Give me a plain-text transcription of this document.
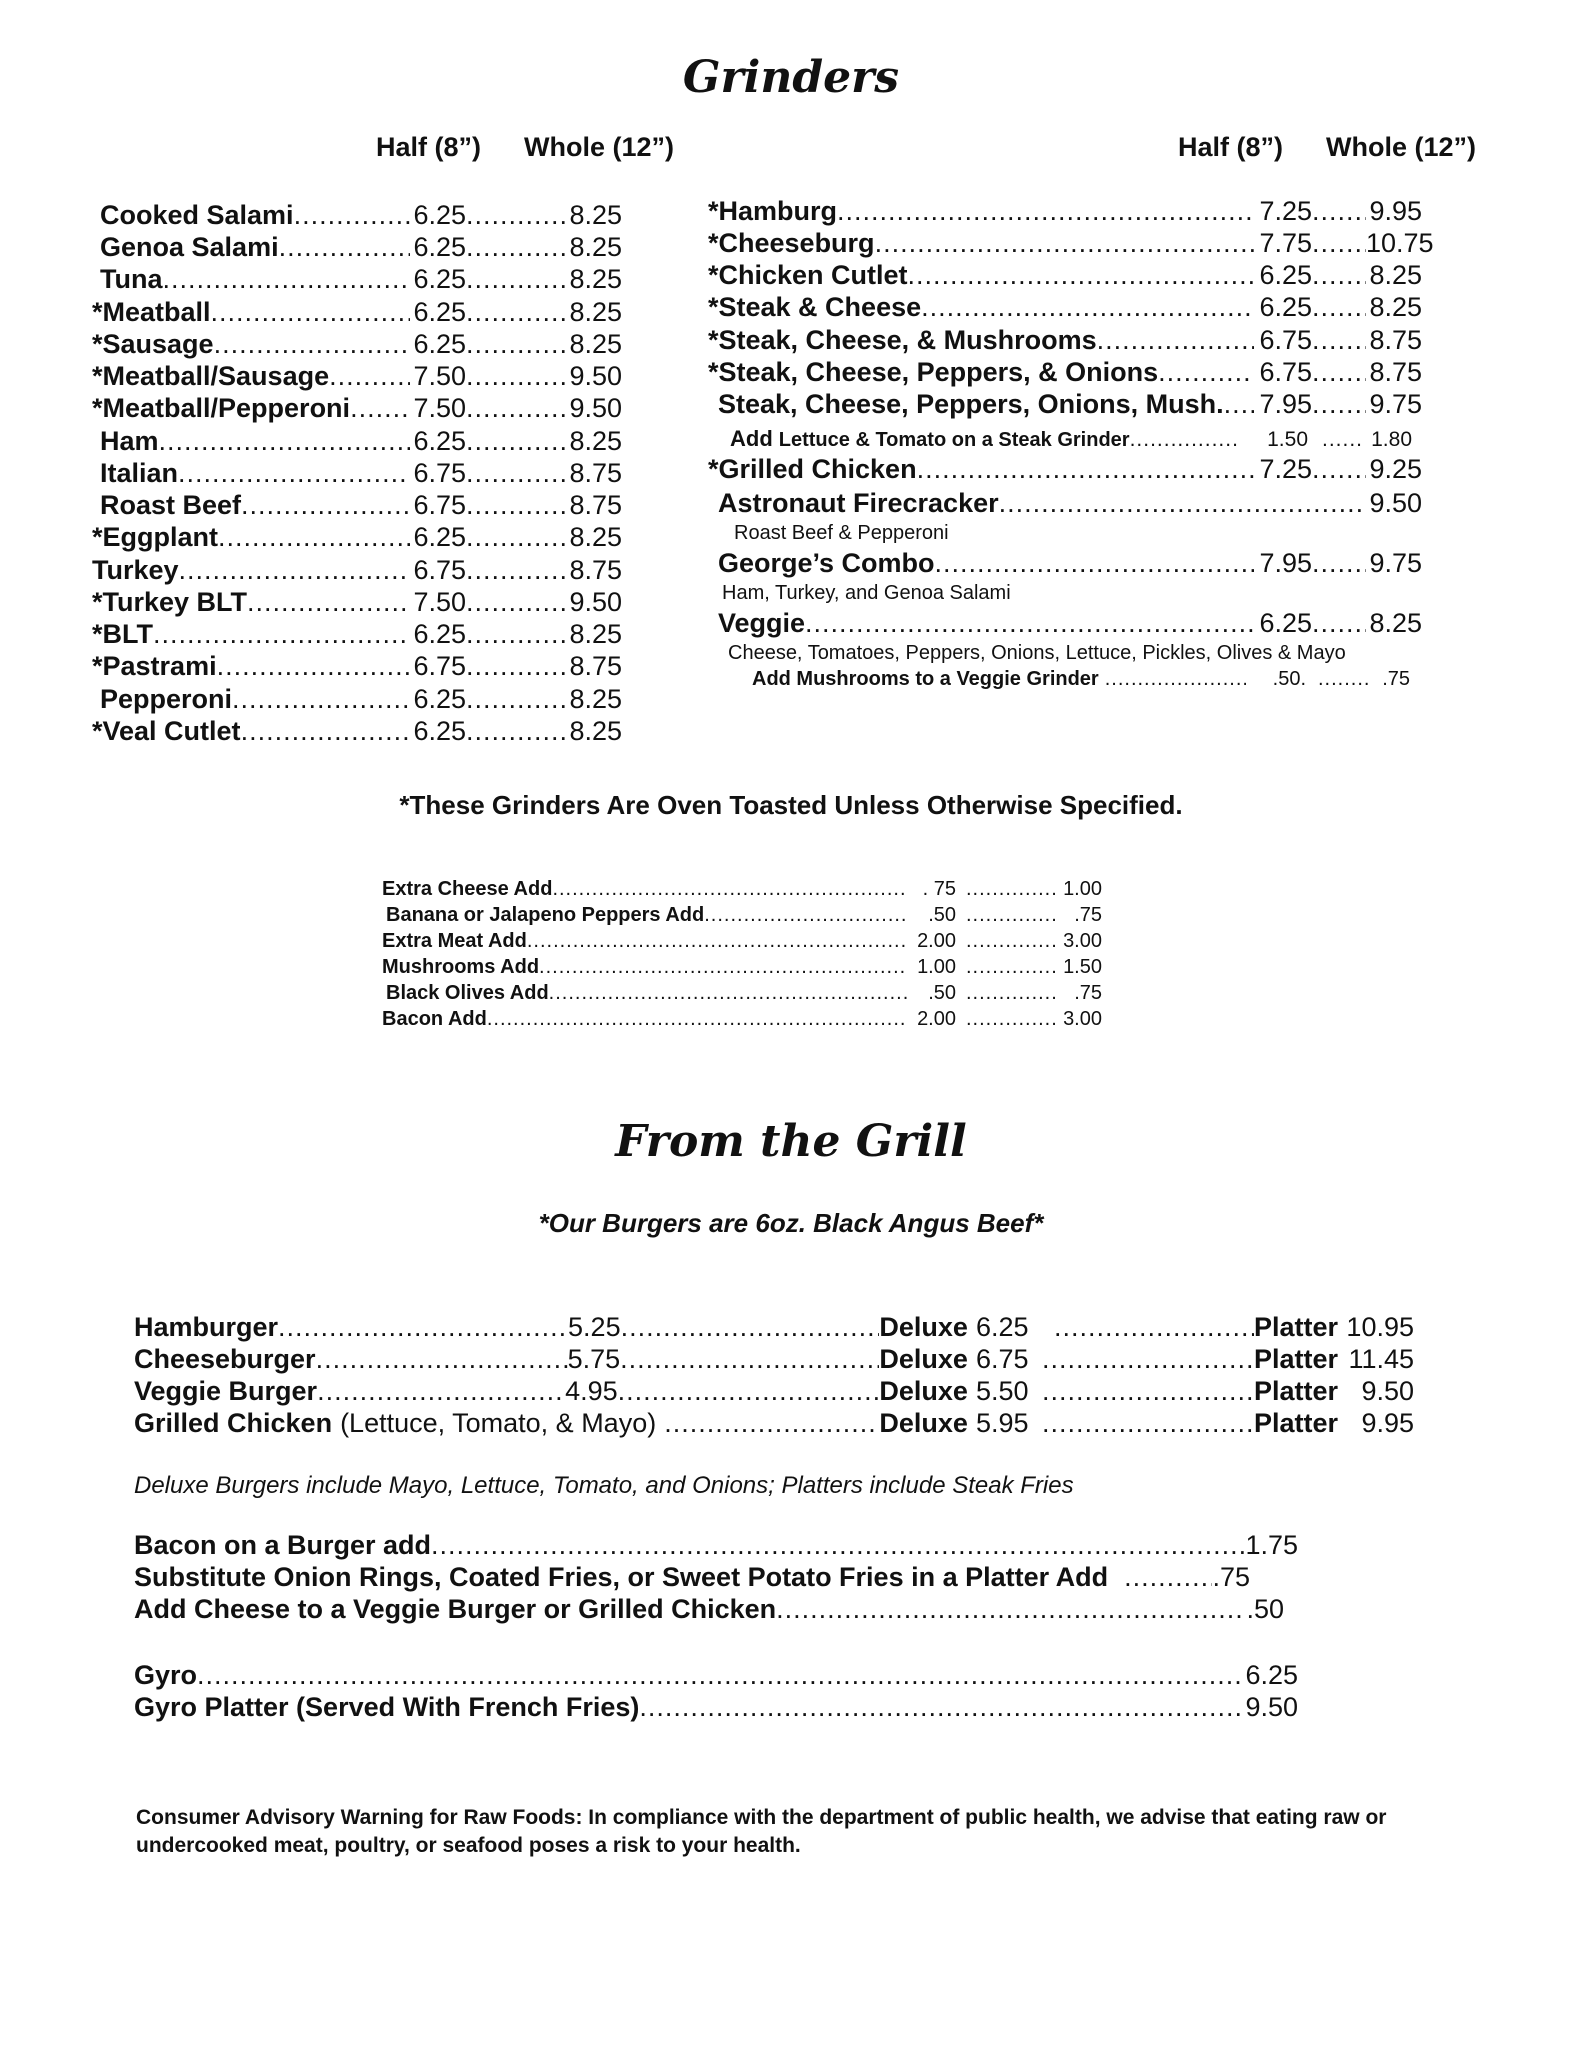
Grinders
Half (8”) Whole (12”)	Half (8”) Whole (12”)
Cooked Salami .....	6.25 .....	8.25
Genoa Salami .....	6.25 .....	8.25
Tuna .....	6.25 .....	8.25
*Meatball .....	6.25 .....	8.25
*Sausage .....	6.25 .....	8.25
*Meatball/Sausage .....	7.50 .....	9.50
*Meatball/Pepperoni ..... 7.50 .....	9.50
Ham .....	6.25 .....	8.25
Italian .....	6.75 .....	8.75
Roast Beef .....	6.75 .....	8.75
*Eggplant .....	6.25 .....	8.25
Turkey .....	6.75 .....	8.75
*Turkey BLT .....	7.50 .....	9.50
*BLT .....	6.25 .....	8.25
*Pastrami .....	6.75 .....	8.75
Pepperoni .....	6.25 .....	8.25
*Veal Cutlet .....	6.25 .....	8.25
*Hamburg .....	7.25 ..... 9.95
*Cheeseburg .....	7.75 ..... 10.75
*Chicken Cutlet .....	6.25 ..... 8.25
*Steak & Cheese .....	6.25 ..... 8.25
*Steak, Cheese, & Mushrooms .....	6.75 ..... 8.75
*Steak, Cheese, Peppers, & Onions .....	6.75 ..... 8.75
Steak, Cheese, Peppers, Onions, Mush. ..... 7.95 ..... 9.75
Add Lettuce & Tomato on a Steak Grinder .....	1.50 .....	1.80
*Grilled Chicken .....	7.25 ..... 9.25
Astronaut Firecracker .....	9.50
Roast Beef & Pepperoni
George’s Combo .....	7.95 ..... 9.75
Ham, Turkey, and Genoa Salami
Veggie .....	6.25 ..... 8.25
Cheese, Tomatoes, Peppers, Onions, Lettuce, Pickles, Olives & Mayo
Add Mushrooms to a Veggie Grinder .....	.50. .....	.75
*These Grinders Are Oven Toasted Unless Otherwise Specified.
Extra Cheese Add .....	. 75 .....	1.00
Banana or Jalapeno Peppers Add .....	.50 .....	.75
Extra Meat Add .....	2.00 .....	3.00
Mushrooms Add .....	1.00 .....	1.50
Black Olives Add .....	.50 .....	.75
Bacon Add .....	2.00 .....	3.00
From the Grill
*Our Burgers are 6oz. Black Angus Beef*
Hamburger .....	5.25 .....	Deluxe 6.25 .....	Platter 10.95
Cheeseburger .....	5.75 .....	Deluxe 6.75 .....	Platter 11.45
Veggie Burger .....	4.95 .....	Deluxe 5.50 .....	Platter 9.50
Grilled Chicken (Lettuce, Tomato, & Mayo) .....	Deluxe 5.95 .....	Platter 9.95
Deluxe Burgers include Mayo, Lettuce, Tomato, and Onions; Platters include Steak Fries
Bacon on a Burger add .....	1.75
Substitute Onion Rings, Coated Fries, or Sweet Potato Fries in a Platter Add .....	.75
Add Cheese to a Veggie Burger or Grilled Chicken .....	.50
Gyro .....	6.25
Gyro Platter (Served With French Fries) .....	9.50
Consumer Advisory Warning for Raw Foods: In compliance with the department of public health, we advise that eating raw or undercooked meat, poultry, or seafood poses a risk to your health.
